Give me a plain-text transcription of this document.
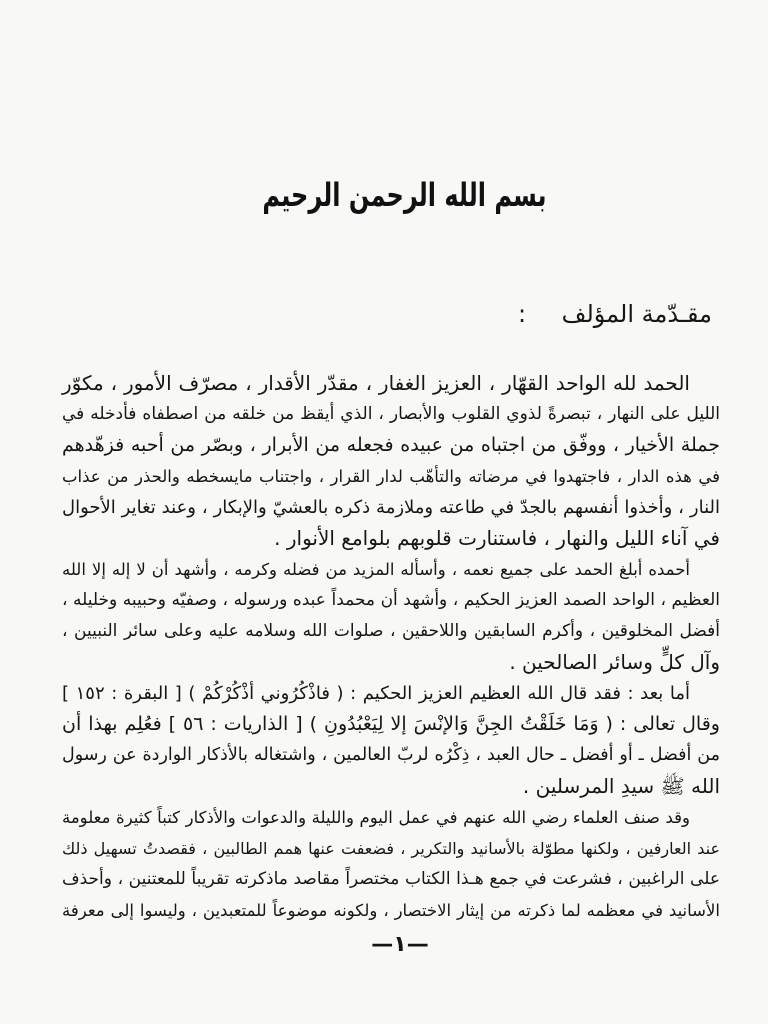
بسم الله الرحمن الرحيم
مقـدّمة المؤلف
:
الحمد لله الواحد القهّار ، العزيز الغفار ، مقدّر الأقدار ، مصرّف الأمور ، مكوّر
الليل على النهار ، تبصرةً لذوي القلوب والأبصار ، الذي أيقظ من خلقه من اصطفاه فأدخله في
جملة الأخيار ، ووفّق من اجتباه من عبيده فجعله من الأبرار ، وبصّر من أحبه فزهّدهم
في هذه الدار ، فاجتهدوا في مرضاته والتأهّب لدار القرار ، واجتناب مايسخطه والحذر من عذاب
النار ، وأخذوا أنفسهم بالجدّ في طاعته وملازمة ذكره بالعشيّ والإبكار ، وعند تغاير الأحوال
في آناء الليل والنهار ، فاستنارت قلوبهم بلوامع الأنوار .
أحمده أبلغ الحمد على جميع نعمه ، وأسأله المزيد من فضله وكرمه ، وأشهد أن لا إله إلا الله
العظيم ، الواحد الصمد العزيز الحكيم ، وأشهد أن محمداً عبده ورسوله ، وصفيّه وحبيبه وخليله ،
أفضل المخلوقين ، وأكرم السابقين واللاحقين ، صلوات الله وسلامه عليه وعلى سائر النبيين ،
وآل كلٍّ وسائر الصالحين .
أما بعد : فقد قال الله العظيم العزيز الحكيم : ( فاذْكُرُوني أذْكُرْكُمْ ) [ البقرة : ١٥٢ ]
وقال تعالى : ( وَمَا خَلَقْتُ الجِنَّ وَالإنْسَ إلا لِيَعْبُدُونِ ) [ الذاريات : ٥٦ ] فعُلِم بهذا أن
من أفضل ـ أو أفضل ـ حال العبد ، ذِكْرُه لربّ العالمين ، واشتغاله بالأذكار الواردة عن رسول
الله ﷺ سيدِ المرسلين .
وقد صنف العلماء رضي الله عنهم في عمل اليوم والليلة والدعوات والأذكار كتباً كثيرة معلومة
عند العارفين ، ولكنها مطوّلة بالأسانيد والتكرير ، فضعفت عنها همم الطالبين ، فقصدتُ تسهيل ذلك
على الراغبين ، فشرعت في جمع هـذا الكتاب مختصراً مقاصد ماذكرته تقريباً للمعتنين ، وأحذف
الأسانيد في معظمه لما ذكرته من إيثار الاختصار ، ولكونه موضوعاً للمتعبدين ، وليسوا إلى معرفة
—١—
